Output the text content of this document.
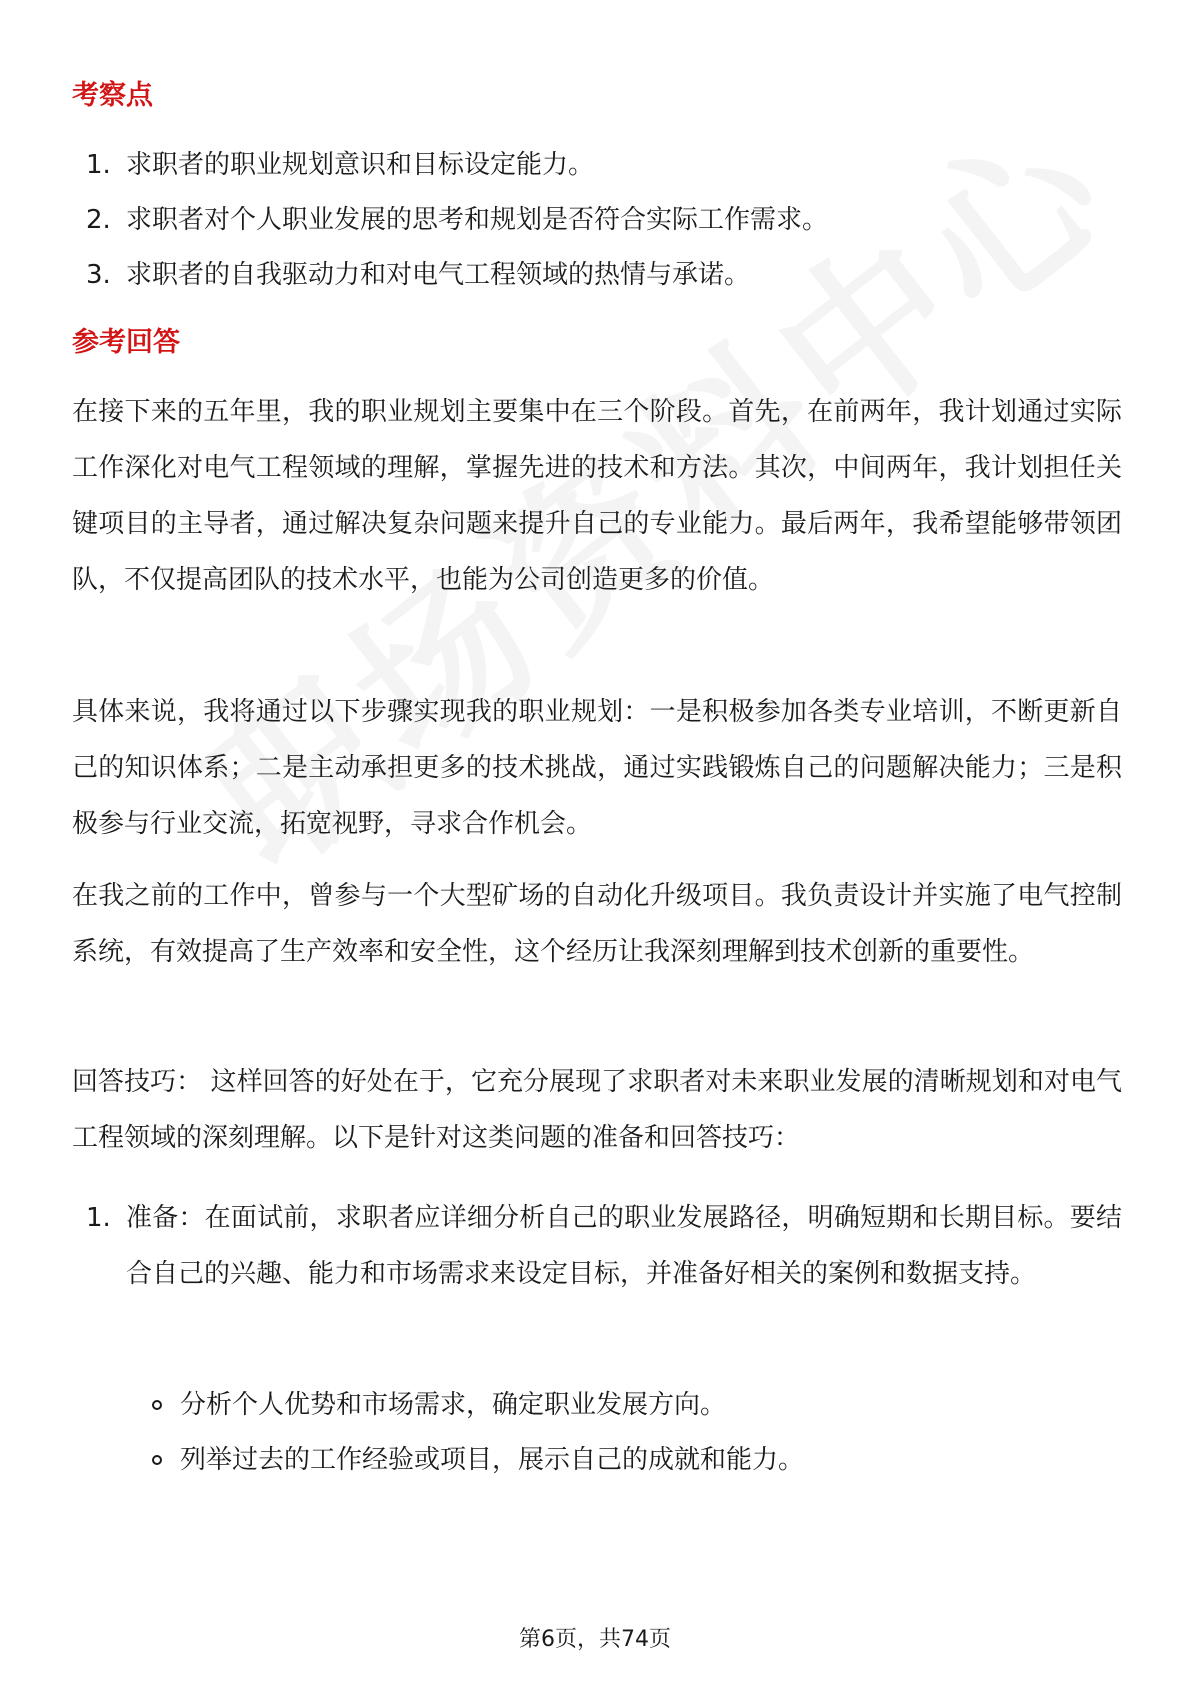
考察点
1. 求职者的职业规划意识和目标设定能力。
2. 求职者对个人职业发展的思考和规划是否符合实际工作需求。
3. 求职者的自我驱动力和对电气工程领域的热情与承诺。
参考回答

在接下来的五年里，我的职业规划主要集中在三个阶段。首先，在前两年，我计划通过实际工作深化对电气工程领域的理解，掌握先进的技术和方法。其次，中间两年，我计划担任关键项目的主导者，通过解决复杂问题来提升自己的专业能力。最后两年，我希望能够带领团队，不仅提高团队的技术水平，也能为公司创造更多的价值。

具体来说，我将通过以下步骤实现我的职业规划：一是积极参加各类专业培训，不断更新自己的知识体系；二是主动承担更多的技术挑战，通过实践锻炼自己的问题解决能力；三是积极参与行业交流，拓宽视野，寻求合作机会。

在我之前的工作中，曾参与一个大型矿场的自动化升级项目。我负责设计并实施了电气控制系统，有效提高了生产效率和安全性，这个经历让我深刻理解到技术创新的重要性。

回答技巧： 这样回答的好处在于，它充分展现了求职者对未来职业发展的清晰规划和对电气工程领域的深刻理解。以下是针对这类问题的准备和回答技巧：

1. 准备：在面试前，求职者应详细分析自己的职业发展路径，明确短期和长期目标。要结合自己的兴趣、能力和市场需求来设定目标，并准备好相关的案例和数据支持。
分析个人优势和市场需求，确定职业发展方向。
列举过去的工作经验或项目，展示自己的成就和能力。

第6页，共74页
